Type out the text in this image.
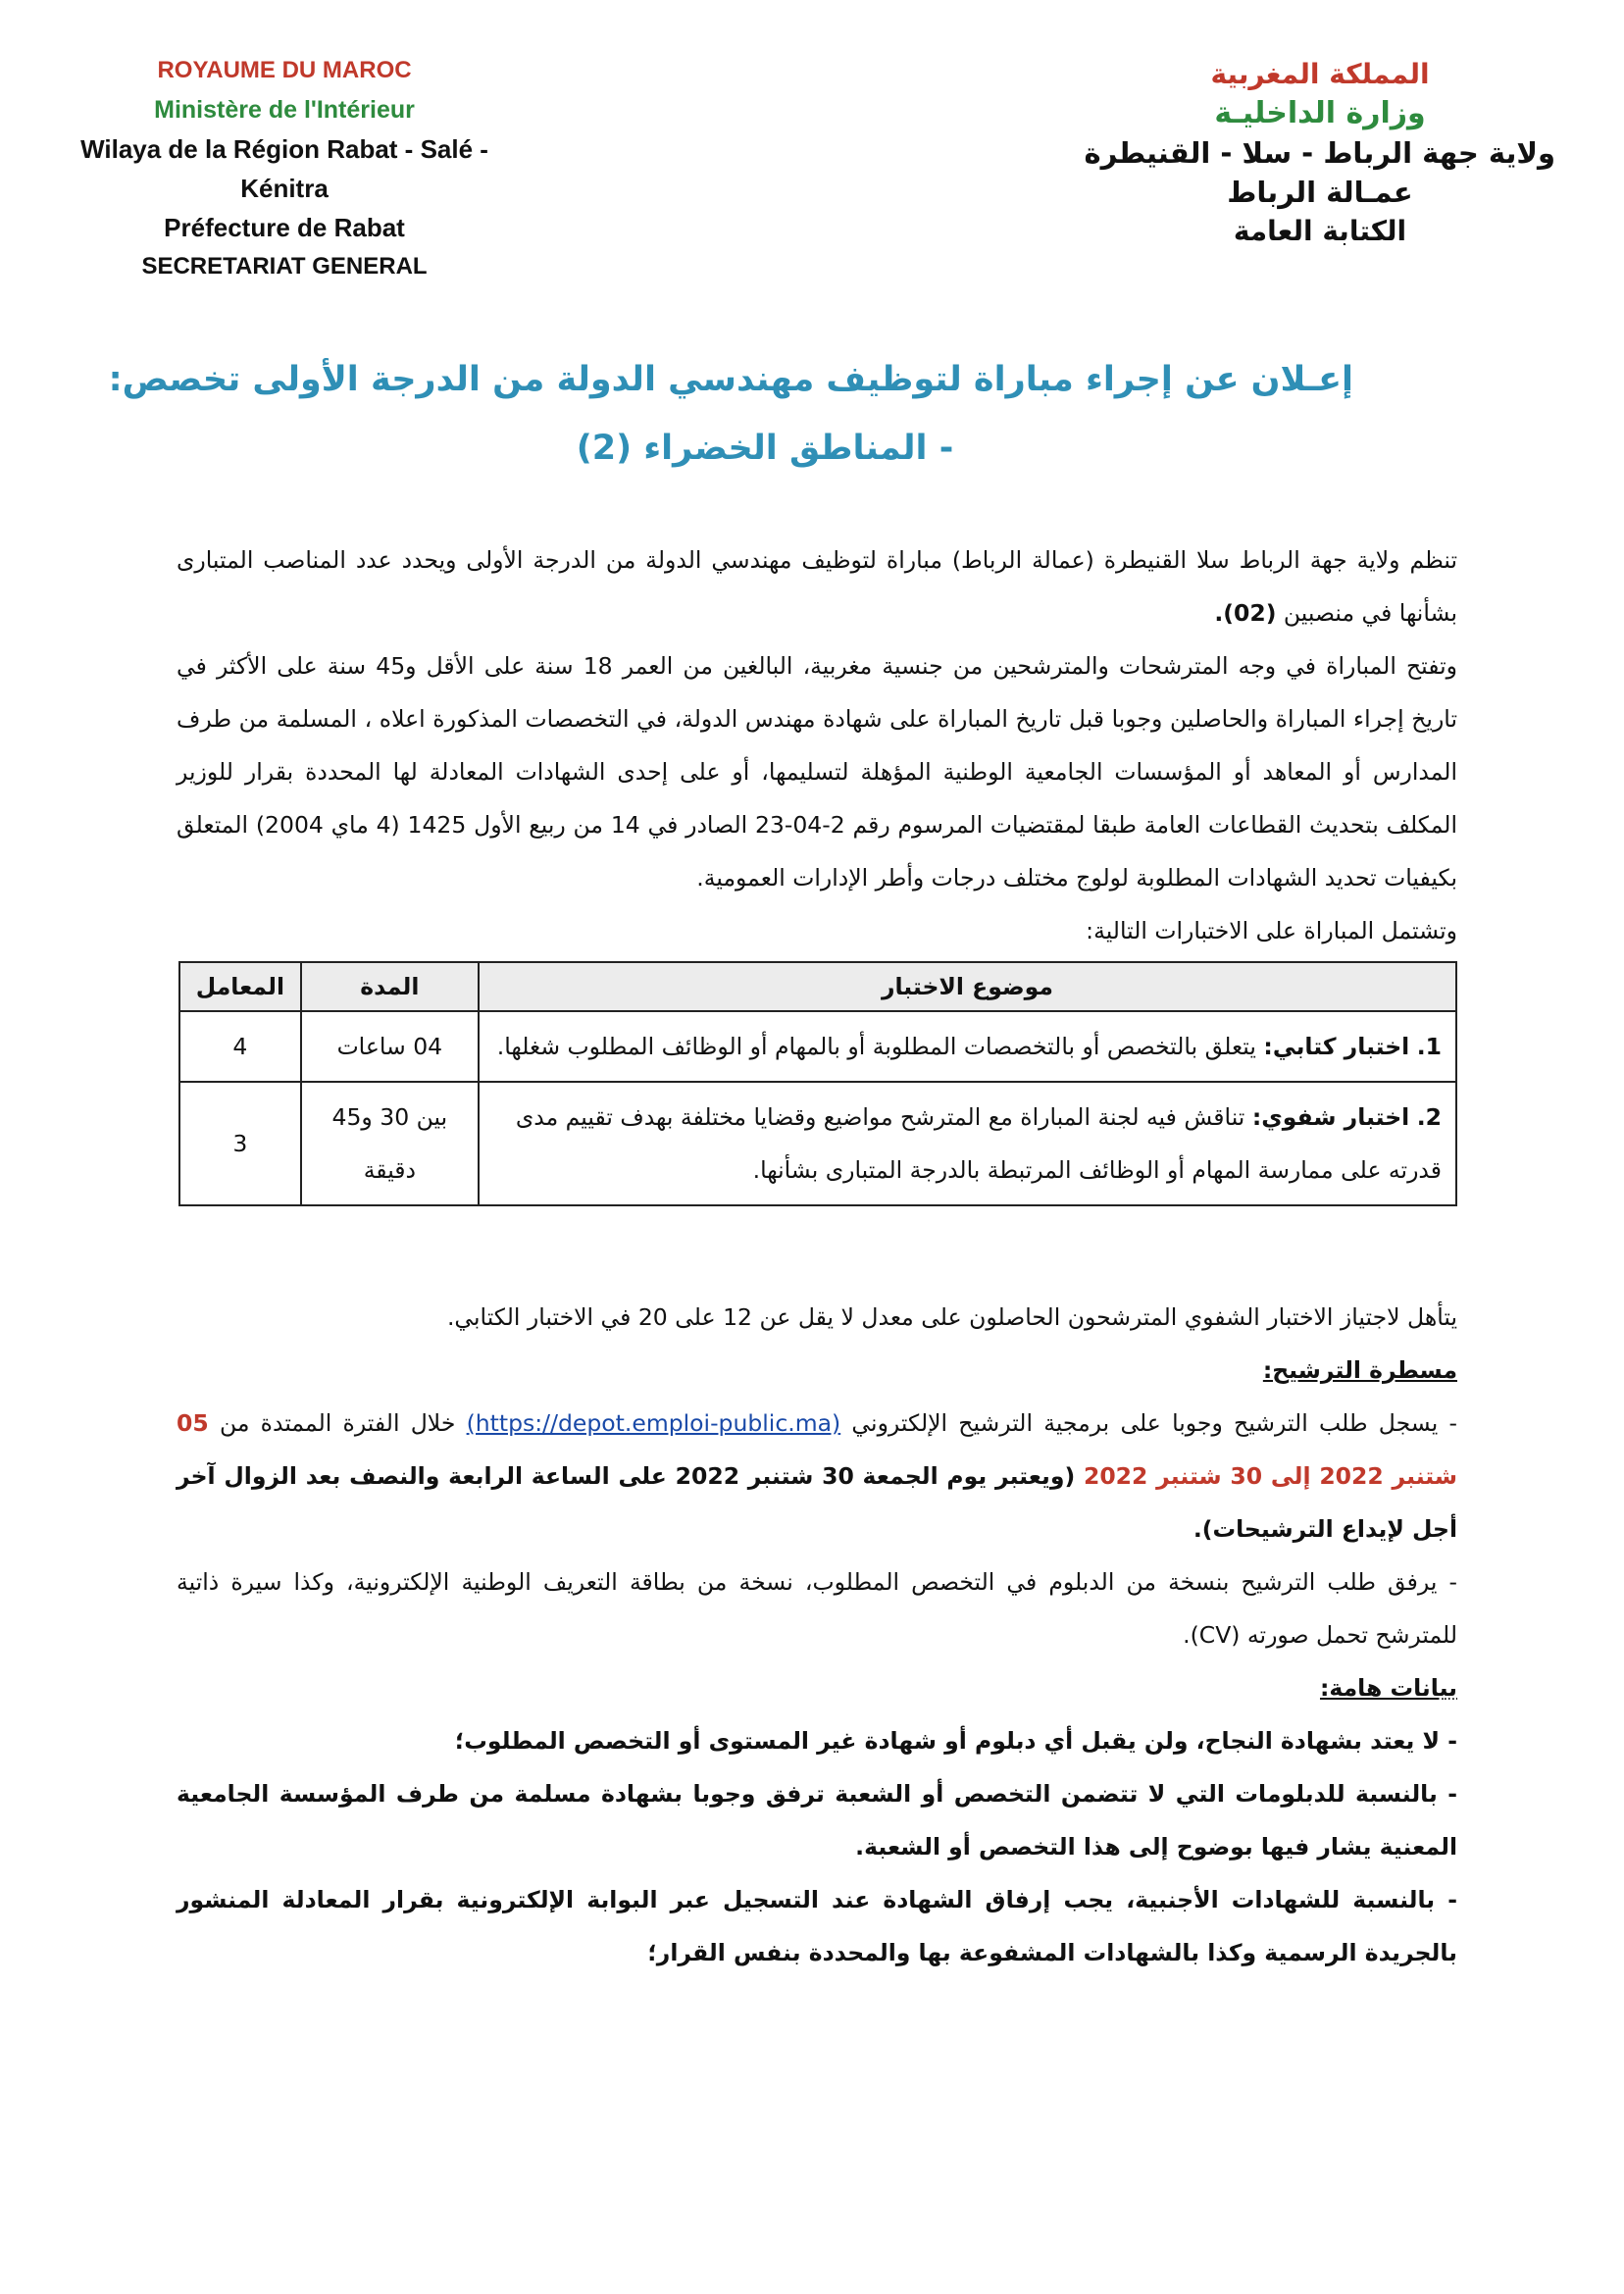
ROYAUME DU MAROC
Ministère de l'Intérieur
Wilaya de la Région Rabat - Salé - Kénitra
Préfecture de Rabat
SECRETARIAT GENERAL
المملكة المغربية
وزارة الداخليـة
ولاية جهة الرباط - سلا - القنيطرة
عمـالة الرباط
الكتابة العامة
إعـلان عن إجراء مباراة لتوظيف مهندسي الدولة من الدرجة الأولى تخصص:
- المناطق الخضراء (2)

تنظم ولاية جهة الرباط سلا القنيطرة (عمالة الرباط) مباراة لتوظيف مهندسي الدولة من الدرجة الأولى ويحدد عدد المناصب المتبارى بشأنها في منصبين (02).

وتفتح المباراة في وجه المترشحات والمترشحين من جنسية مغربية، البالغين من العمر 18 سنة على الأقل و45 سنة على الأكثر في تاريخ إجراء المباراة والحاصلين وجوبا قبل تاريخ المباراة على شهادة مهندس الدولة، في التخصصات المذكورة اعلاه ، المسلمة من طرف المدارس أو المعاهد أو المؤسسات الجامعية الوطنية المؤهلة لتسليمها، أو على إحدى الشهادات المعادلة لها المحددة بقرار للوزير المكلف بتحديث القطاعات العامة طبقا لمقتضيات المرسوم رقم 2-04-23 الصادر في 14 من ربيع الأول 1425 (4 ماي 2004) المتعلق بكيفيات تحديد الشهادات المطلوبة لولوج مختلف درجات وأطر الإدارات العمومية.

وتشتمل المباراة على الاختبارات التالية:

موضوع الاختبار	المدة	المعامل
1. اختبار كتابي: يتعلق بالتخصص أو بالتخصصات المطلوبة أو بالمهام أو الوظائف المطلوب شغلها.	04 ساعات	4
2. اختبار شفوي: تناقش فيه لجنة المباراة مع المترشح مواضيع وقضايا مختلفة بهدف تقييم مدى قدرته على ممارسة المهام أو الوظائف المرتبطة بالدرجة المتبارى بشأنها.	بين 30 و45 دقيقة	3

يتأهل لاجتياز الاختبار الشفوي المترشحون الحاصلون على معدل لا يقل عن 12 على 20 في الاختبار الكتابي.

مسطرة الترشيح:

- يسجل طلب الترشيح وجوبا على برمجية الترشيح الإلكتروني (https://depot.emploi-public.ma) خلال الفترة الممتدة من 05 شتنبر 2022 إلى 30 شتنبر 2022 (ويعتبر يوم الجمعة 30 شتنبر 2022 على الساعة الرابعة والنصف بعد الزوال آخر أجل لإيداع الترشيحات).

- يرفق طلب الترشيح بنسخة من الدبلوم في التخصص المطلوب، نسخة من بطاقة التعريف الوطنية الإلكترونية، وكذا سيرة ذاتية للمترشح تحمل صورته (CV).

بيانات هامة:

- لا يعتد بشهادة النجاح، ولن يقبل أي دبلوم أو شهادة غير المستوى أو التخصص المطلوب؛

- بالنسبة للدبلومات التي لا تتضمن التخصص أو الشعبة ترفق وجوبا بشهادة مسلمة من طرف المؤسسة الجامعية المعنية يشار فيها بوضوح إلى هذا التخصص أو الشعبة.

- بالنسبة للشهادات الأجنبية، يجب إرفاق الشهادة عند التسجيل عبر البوابة الإلكترونية بقرار المعادلة المنشور بالجريدة الرسمية وكذا بالشهادات المشفوعة بها والمحددة بنفس القرار؛
